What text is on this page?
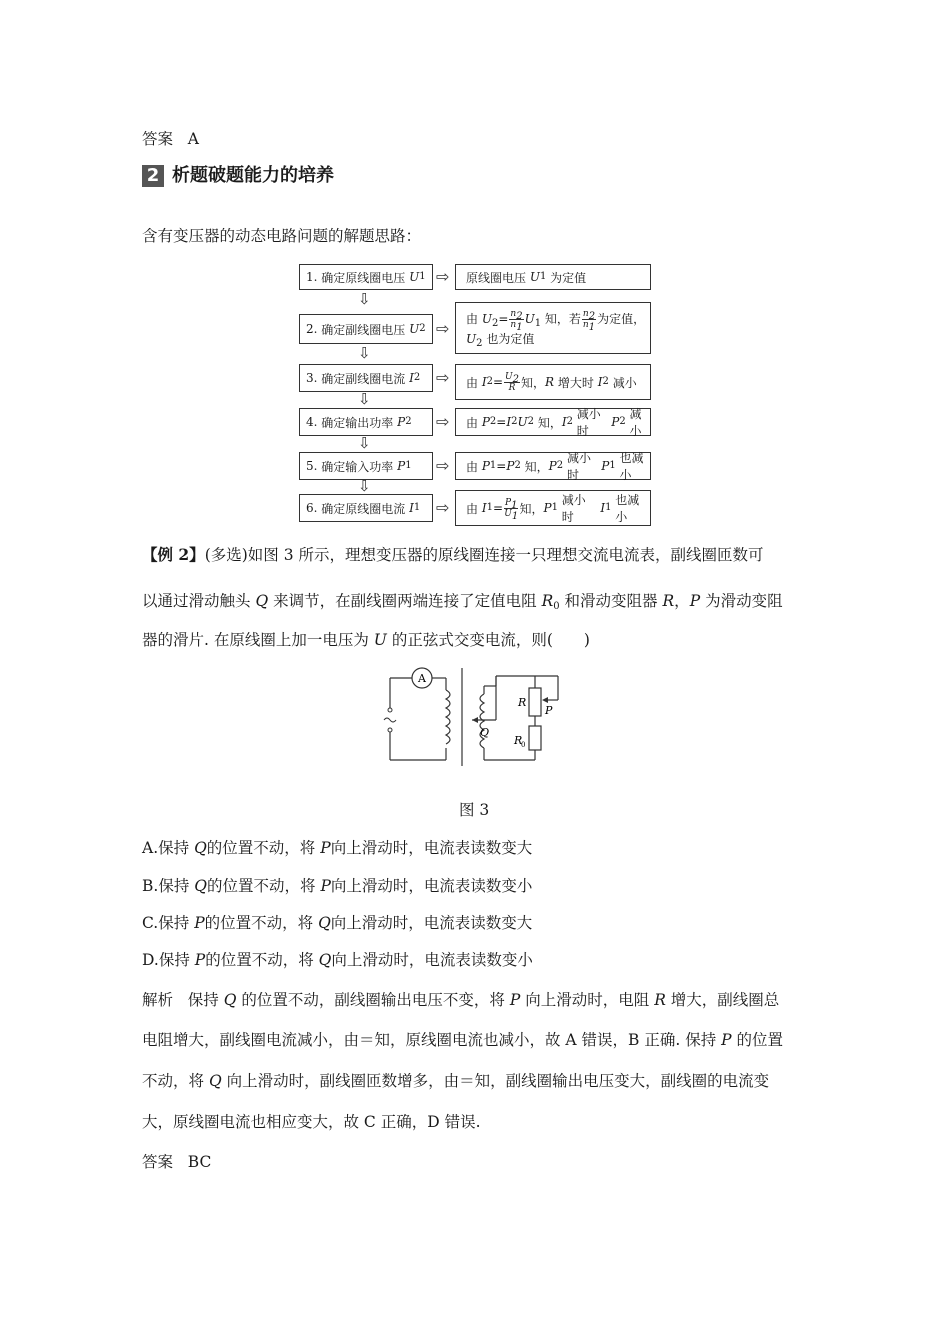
答案 A
2 析题破题能力的培养
含有变压器的动态电路问题的解题思路：
1.
确定原线圈电压
U 1
2.
确定副线圈电压
U 2
3.
确定副线圈电流
I 2
4.
确定输出功率
P 2
5.
确定输入功率
P 1
6.
确定原线圈电流
I 1
⇩
⇩
⇩
⇩
⇩
⇨
⇨
⇨
⇨
⇨
⇨
原线圈电压
U 1
为定值
由 $U_2= \frac{n_2}{n_1} U_1$ 知，若 $\frac{n_2}{n_1}$ 为定值，
$U_2$ 也为定值
由
I $2 = \frac{U_2}{R}$ 知， R
增大时
I 2
减小
由
P 2 = I 2 U 2
知， I 2

减小时

P 2

减小
由
P 1 = P 2
知， P 2

减小时

P 1

也减小
由
I $1 = \frac{P_1}{U_1}$ 知， P 1

减小时

I 1

也减小
【例 2】(多选)如图 3 所示，理想变压器的原线圈连接一只理想交流电流表，副线圈匝数可
以通过滑动触头 Q 来调节，在副线圈两端连接了定值电阻 $R_0$ 和滑动变阻器 R，P 为滑动变阻
器的滑片. 在原线圈上加一电压为 U 的正弦式交变电流，则(　　)
A
R
P
Q
R
0
图 3
A.保持 Q的位置不动，将 P向上滑动时，电流表读数变大
B.保持 Q的位置不动，将 P向上滑动时，电流表读数变小
C.保持 P的位置不动，将 Q向上滑动时，电流表读数变大
D.保持 P的位置不动，将 Q向上滑动时，电流表读数变小
解析 保持 Q 的位置不动，副线圈输出电压不变，将 P 向上滑动时，电阻 R 增大，副线圈总
电阻增大，副线圈电流减小，由＝知，原线圈电流也减小，故 A 错误，B 正确. 保持 P 的位置
不动，将 Q 向上滑动时，副线圈匝数增多，由＝知，副线圈输出电压变大，副线圈的电流变
大，原线圈电流也相应变大，故 C 正确，D 错误.
答案 BC
